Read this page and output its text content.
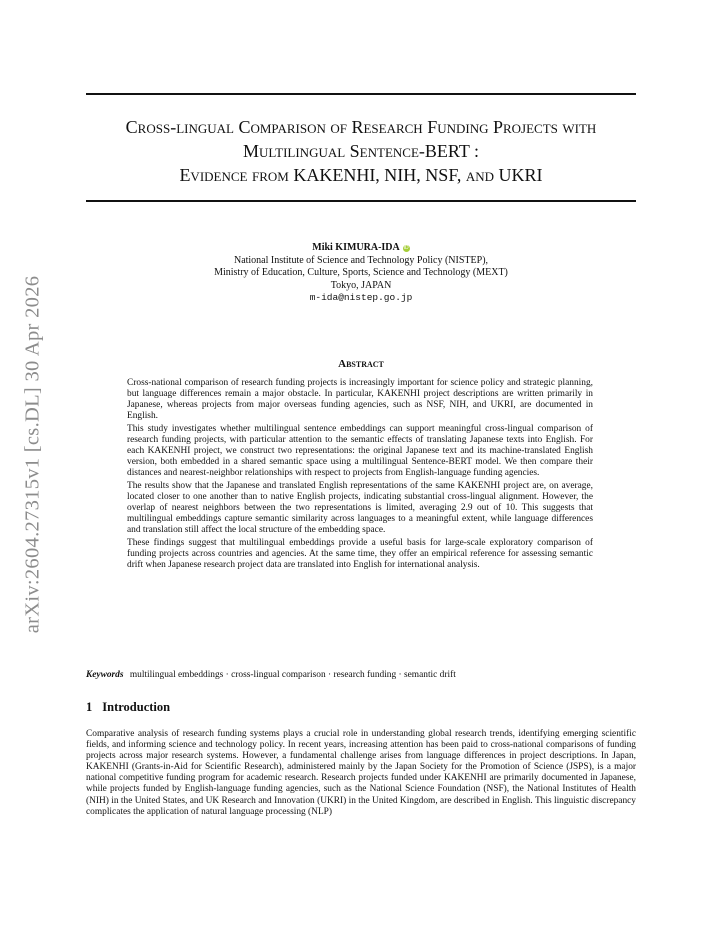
arXiv:2604.27315v1 [cs.DL] 30 Apr 2026
Cross-lingual Comparison of Research Funding Projects with
Multilingual Sentence-BERT :
Evidence from KAKENHI, NIH, NSF, and UKRI
Miki KIMURA-IDA iD
National Institute of Science and Technology Policy (NISTEP),
Ministry of Education, Culture, Sports, Science and Technology (MEXT)
Tokyo, JAPAN
m-ida@nistep.go.jp
Abstract

Cross-national comparison of research funding projects is increasingly important for science policy and strategic planning, but language differences remain a major obstacle. In particular, KAKENHI project descriptions are written primarily in Japanese, whereas projects from major overseas funding agencies, such as NSF, NIH, and UKRI, are documented in English.

This study investigates whether multilingual sentence embeddings can support meaningful cross-lingual comparison of research funding projects, with particular attention to the semantic effects of translating Japanese texts into English. For each KAKENHI project, we construct two representations: the original Japanese text and its machine-translated English version, both embedded in a shared semantic space using a multilingual Sentence-BERT model. We then compare their distances and nearest-neighbor relationships with respect to projects from English-language funding agencies.

The results show that the Japanese and translated English representations of the same KAKENHI project are, on average, located closer to one another than to native English projects, indicating substantial cross-lingual alignment. However, the overlap of nearest neighbors between the two representations is limited, averaging 2.9 out of 10. This suggests that multilingual embeddings capture semantic similarity across languages to a meaningful extent, while language differences and translation still affect the local structure of the embedding space.

These findings suggest that multilingual embeddings provide a useful basis for large-scale exploratory comparison of funding projects across countries and agencies. At the same time, they offer an empirical reference for assessing semantic drift when Japanese research project data are translated into English for international analysis.

Keywords multilingual embeddings · cross-lingual comparison · research funding · semantic drift
1 Introduction

Comparative analysis of research funding systems plays a crucial role in understanding global research trends, identifying emerging scientific fields, and informing science and technology policy. In recent years, increasing attention has been paid to cross-national comparisons of funding projects across major research systems. However, a fundamental challenge arises from language differences in project descriptions. In Japan, KAKENHI (Grants-in-Aid for Scientific Research), administered mainly by the Japan Society for the Promotion of Science (JSPS), is a major national competitive funding program for academic research. Research projects funded under KAKENHI are primarily documented in Japanese, while projects funded by English-language funding agencies, such as the National Science Foundation (NSF), the National Institutes of Health (NIH) in the United States, and UK Research and Innovation (UKRI) in the United Kingdom, are described in English. This linguistic discrepancy complicates the application of natural language processing (NLP)
